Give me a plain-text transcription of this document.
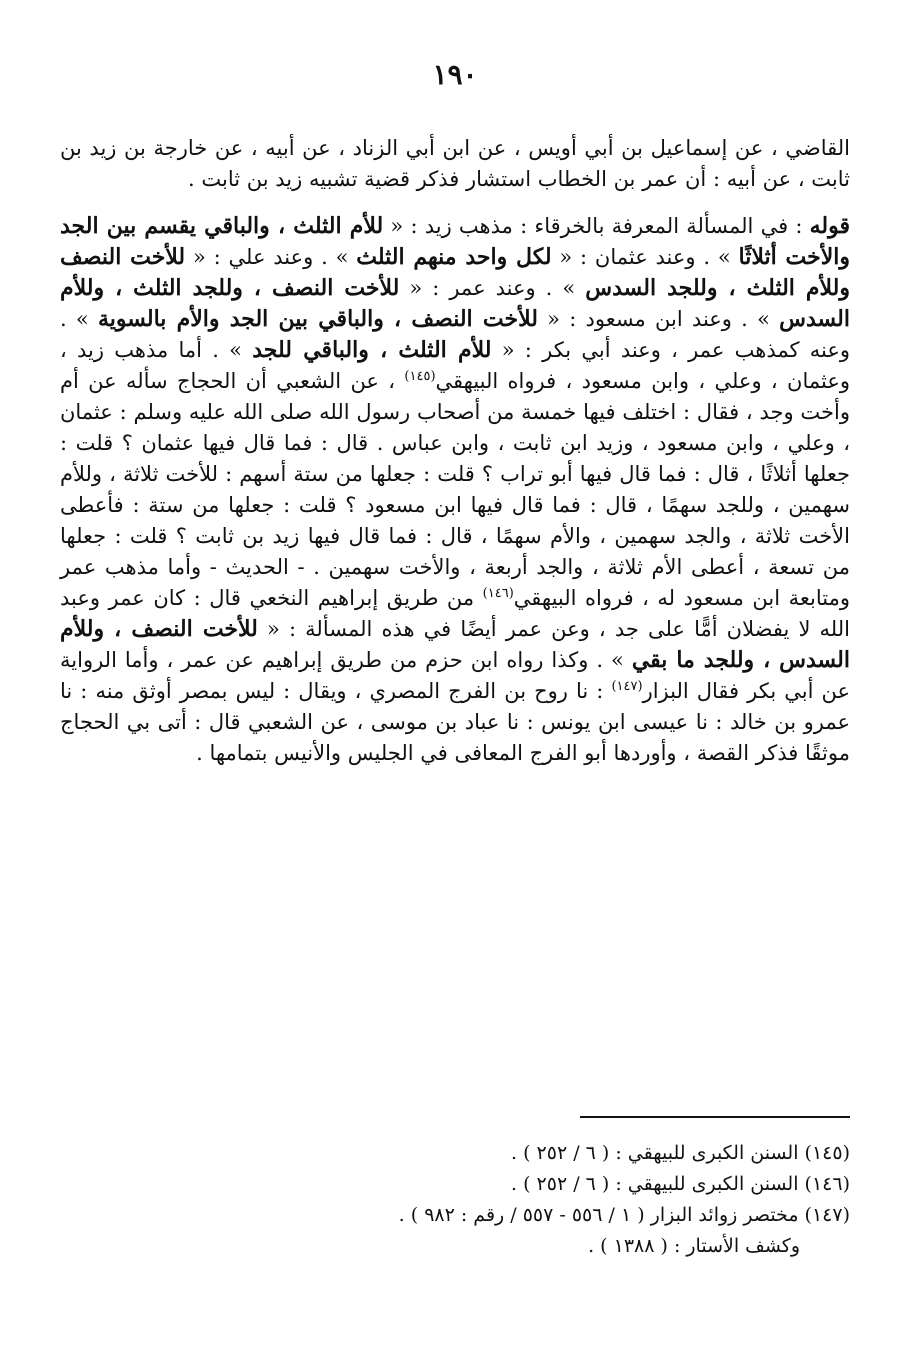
١٩٠

القاضي ، عن إسماعيل بن أبي أويس ، عن ابن أبي الزناد ، عن أبيه ، عن خارجة بن زيد بن ثابت ، عن أبيه : أن عمر بن الخطاب استشار فذكر قضية تشبيه زيد بن ثابت .

قوله : في المسألة المعرفة بالخرقاء : مذهب زيد : « للأم الثلث ، والباقي يقسم بين الجد والأخت أثلاثًا » . وعند عثمان : « لكل واحد منهم الثلث » . وعند علي : « للأخت النصف وللأم الثلث ، وللجد السدس » . وعند عمر : « للأخت النصف ، وللجد الثلث ، وللأم السدس » . وعند ابن مسعود : « للأخت النصف ، والباقي بين الجد والأم بالسوية » . وعنه كمذهب عمر ، وعند أبي بكر : « للأم الثلث ، والباقي للجد » . أما مذهب زيد ، وعثمان ، وعلي ، وابن مسعود ، فرواه البيهقي$^{(١٤٥)}$ ، عن الشعبي أن الحجاج سأله عن أم وأخت وجد ، فقال : اختلف فيها خمسة من أصحاب رسول الله صلى الله عليه وسلم : عثمان ، وعلي ، وابن مسعود ، وزيد ابن ثابت ، وابن عباس . قال : فما قال فيها عثمان ؟ قلت : جعلها أثلاثًا ، قال : فما قال فيها أبو تراب ؟ قلت : جعلها من ستة أسهم : للأخت ثلاثة ، وللأم سهمين ، وللجد سهمًا ، قال : فما قال فيها ابن مسعود ؟ قلت : جعلها من ستة : فأعطى الأخت ثلاثة ، والجد سهمين ، والأم سهمًا ، قال : فما قال فيها زيد بن ثابت ؟ قلت : جعلها من تسعة ، أعطى الأم ثلاثة ، والجد أربعة ، والأخت سهمين . - الحديث - وأما مذهب عمر ومتابعة ابن مسعود له ، فرواه البيهقي$^{(١٤٦)}$ من طريق إبراهيم النخعي قال : كان عمر وعبد الله لا يفضلان أمًّا على جد ، وعن عمر أيضًا في هذه المسألة : « للأخت النصف ، وللأم السدس ، وللجد ما بقي » . وكذا رواه ابن حزم من طريق إبراهيم عن عمر ، وأما الرواية عن أبي بكر فقال البزار$^{(١٤٧)}$ : نا روح بن الفرج المصري ، ويقال : ليس بمصر أوثق منه : نا عمرو بن خالد : نا عيسى ابن يونس : نا عباد بن موسى ، عن الشعبي قال : أتى بي الحجاج موثقًا فذكر القصة ، وأوردها أبو الفرج المعافى في الجليس والأنيس بتمامها .

(١٤٥) السنن الكبرى للبيهقي : ( ٦ / ٢٥٢ ) .
(١٤٦) السنن الكبرى للبيهقي : ( ٦ / ٢٥٢ ) .
(١٤٧) مختصر زوائد البزار ( ١ / ٥٥٦ - ٥٥٧ / رقم : ٩٨٢ ) .
وكشف الأستار : ( ١٣٨٨ ) .
